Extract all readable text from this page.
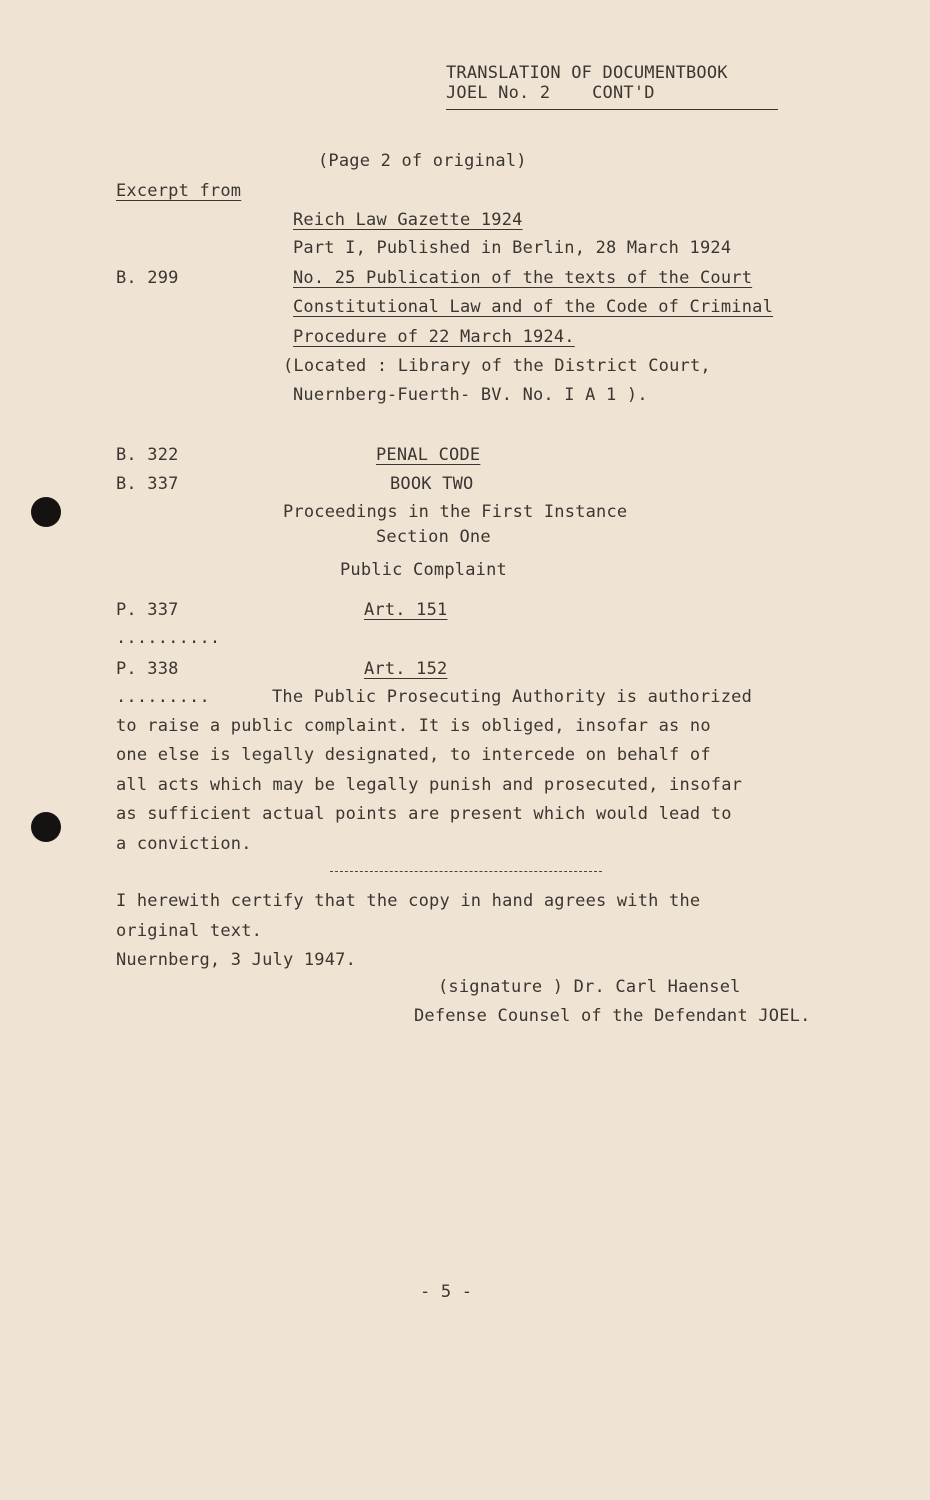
TRANSLATION OF DOCUMENTBOOK
JOEL No. 2    CONT'D
(Page 2 of original)
Excerpt from
Reich Law Gazette 1924
Part I, Published in Berlin, 28 March 1924
B. 299	No. 25 Publication of the texts of the Court
Constitutional Law and of the Code of Criminal
Procedure of 22 March 1924.
(Located : Library of the District Court,
Nuernberg-Fuerth- BV. No. I A 1 ).
B. 322	PENAL CODE
B. 337	BOOK TWO
Proceedings in the First Instance
Section One
Public Complaint
P. 337	Art. 151
..........
P. 338	Art. 152
.........	The Public Prosecuting Authority is authorized
to raise a public complaint. It is obliged, insofar as no
one else is legally designated, to intercede on behalf of
all acts which may be legally punish and prosecuted, insofar
as sufficient actual points are present which would lead to
a conviction.
I herewith certify that the copy in hand agrees with the
original text.
Nuernberg, 3 July 1947.
(signature ) Dr. Carl Haensel
Defense Counsel of the Defendant JOEL.
- 5 -
